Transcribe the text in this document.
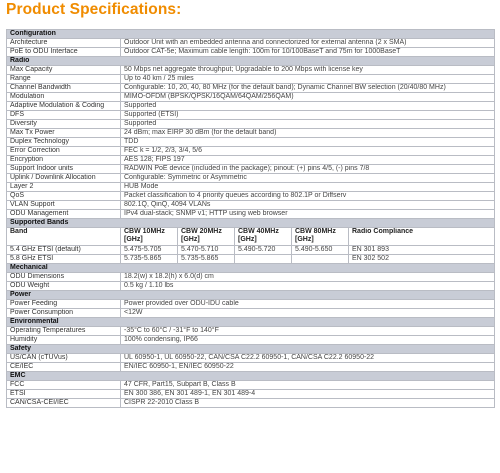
Product Specifications:
Configuration					
Architecture	Outdoor Unit with an embedded antenna and connectorized for external antenna (2 x SMA)				
PoE to ODU Interface	Outdoor CAT-5e; Maximum cable length: 100m for 10/100BaseT and 75m for 1000BaseT				
Radio					
Max Capacity	50 Mbps net aggregate throughput; Upgradable to 200 Mbps with license key				
Range	Up to 40 km / 25 miles				
Channel Bandwidth	Configurable: 10, 20, 40, 80 MHz (for the default band); Dynamic Channel BW selection (20/40/80 MHz)				
Modulation	MIMO-OFDM (BPSK/QPSK/16QAM/64QAM/256QAM)				
Adaptive Modulation & Coding	Supported				
DFS	Supported (ETSI)				
Diversity	Supported				
Max Tx Power	24 dBm; max EIRP 30 dBm (for the default band)				
Duplex Technology	TDD				
Error Correction	FEC k = 1/2, 2/3, 3/4, 5/6				
Encryption	AES 128; FIPS 197				
Support Indoor units	RADWIN PoE device (included in the package); pinout: (+) pins 4/5, (-) pins 7/8				
Uplink / Downlink Allocation	Configurable: Symmetric or Asymmetric				
Layer 2	HUB Mode				
QoS	Packet classification to 4 priority queues according to 802.1P or Diffserv				
VLAN Support	802.1Q, QinQ, 4094 VLANs				
ODU Management	IPv4 dual-stack; SNMP v1; HTTP using web browser				
Supported Bands					
Band	CBW 10MHz [GHz]	CBW 20MHz [GHz]	CBW 40MHz [GHz]	CBW 80MHz [GHz]	Radio Compliance
5.4 GHz ETSI (default)	5.475-5.705	5.470-5.710	5.490-5.720	5.490-5.650	EN 301 893
5.8 GHz ETSI	5.735-5.865	5.735-5.865			EN 302 502
Mechanical					
ODU Dimensions	18.2(w) x 18.2(h) x 6.0(d) cm				
ODU Weight	0.5 kg / 1.10 lbs				
Power					
Power Feeding	Power provided over ODU-IDU cable				
Power Consumption	<12W				
Environmental					
Operating Temperatures	-35°C to 60°C / -31°F to 140°F				
Humidity	100% condensing, IP66				
Safety					
US/CAN (cTUVus)	UL 60950-1, UL 60950-22, CAN/CSA C22.2 60950-1, CAN/CSA C22.2 60950-22				
CE/IEC	EN/IEC 60950-1, EN/IEC 60950-22				
EMC					
FCC	47 CFR, Part15, Subpart B, Class B				
ETSI	EN 300 386, EN 301 489-1, EN 301 489-4				
CAN/CSA-CEI/IEC	CISPR 22-2010 Class B				
